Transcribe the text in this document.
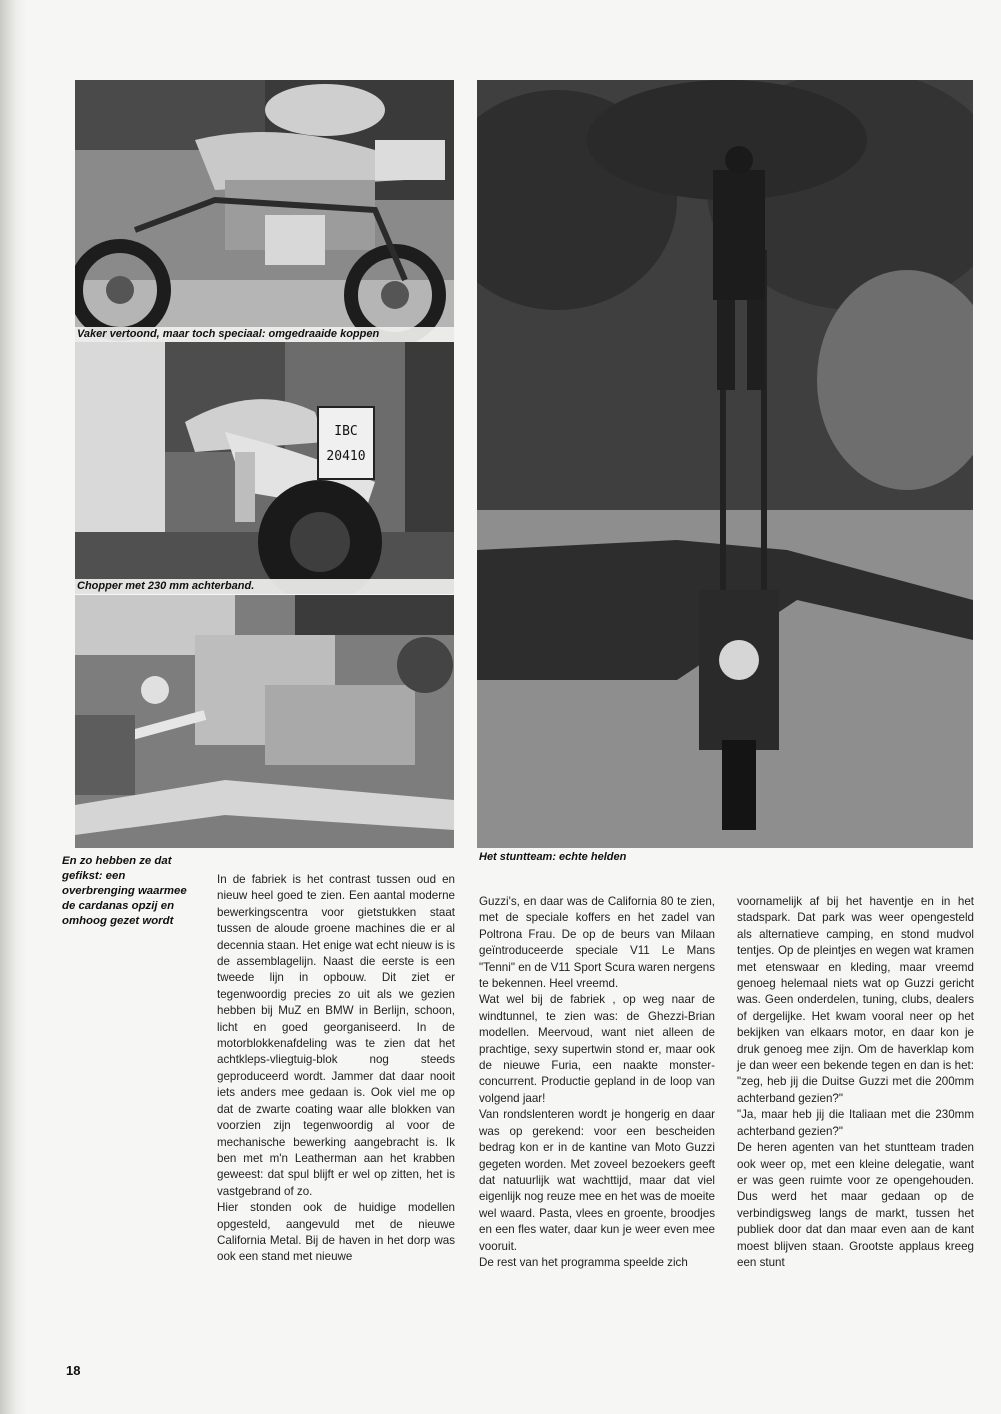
Vaker vertoond, maar toch speciaal: omgedraaide koppen
IBC
20410
Chopper met 230 mm achterband.
Het stuntteam: echte helden
En zo hebben ze dat gefikst: een overbrenging waarmee de cardanas opzij en omhoog gezet wordt

In de fabriek is het contrast tussen oud en nieuw heel goed te zien. Een aantal moderne bewerkingscentra voor gietstukken staat tussen de aloude groene machines die er al decennia staan. Het enige wat echt nieuw is is de assemblagelijn. Naast die eerste is een tweede lijn in opbouw. Dit ziet er tegenwoordig precies zo uit als we gezien hebben bij MuZ en BMW in Berlijn, schoon, licht en goed georganiseerd. In de motorblokkenafdeling was te zien dat het achtkleps-vliegtuig-blok nog steeds geproduceerd wordt. Jammer dat daar nooit iets anders mee gedaan is. Ook viel me op dat de zwarte coating waar alle blokken van voorzien zijn tegenwoordig al voor de mechanische bewerking aangebracht is. Ik ben met m'n Leatherman aan het krabben geweest: dat spul blijft er wel op zitten, het is vastgebrand of zo.

Hier stonden ook de huidige modellen opgesteld, aangevuld met de nieuwe California Metal. Bij de haven in het dorp was ook een stand met nieuwe

Guzzi's, en daar was de California 80 te zien, met de speciale koffers en het zadel van Poltrona Frau. De op de beurs van Milaan geïntroduceerde speciale V11 Le Mans "Tenni" en de V11 Sport Scura waren nergens te bekennen. Heel vreemd.

Wat wel bij de fabriek , op weg naar de windtunnel, te zien was: de Ghezzi-Brian modellen. Meervoud, want niet alleen de prachtige, sexy supertwin stond er, maar ook de nieuwe Furia, een naakte monster-concurrent. Productie gepland in de loop van volgend jaar!

Van rondslenteren wordt je hongerig en daar was op gerekend: voor een bescheiden bedrag kon er in de kantine van Moto Guzzi gegeten worden. Met zoveel bezoekers geeft dat natuurlijk wat wachttijd, maar dat viel eigenlijk nog reuze mee en het was de moeite wel waard. Pasta, vlees en groente, broodjes en een fles water, daar kun je weer even mee vooruit.

De rest van het programma speelde zich

voornamelijk af bij het haventje en in het stadspark. Dat park was weer opengesteld als alternatieve camping, en stond mudvol tentjes. Op de pleintjes en wegen wat kramen met etenswaar en kleding, maar vreemd genoeg helemaal niets wat op Guzzi gericht was. Geen onderdelen, tuning, clubs, dealers of dergelijke. Het kwam vooral neer op het bekijken van elkaars motor, en daar kon je druk genoeg mee zijn. Om de haverklap kom je dan weer een bekende tegen en dan is het: "zeg, heb jij die Duitse Guzzi met die 200mm achterband gezien?"

"Ja, maar heb jij die Italiaan met die 230mm achterband gezien?"

De heren agenten van het stuntteam traden ook weer op, met een kleine delegatie, want er was geen ruimte voor ze opengehouden. Dus werd het maar gedaan op de verbindigsweg langs de markt, tussen het publiek door dat dan maar even aan de kant moest blijven staan. Grootste applaus kreeg een stunt

18
